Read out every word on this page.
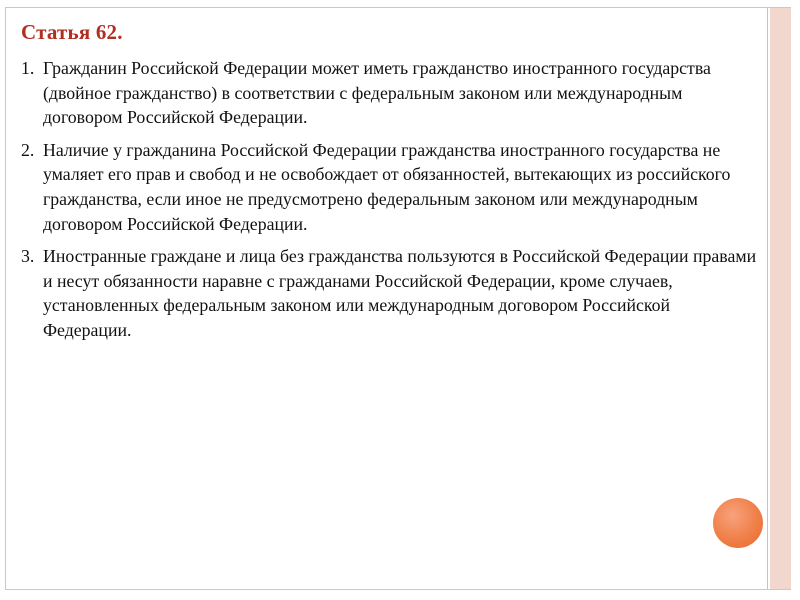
Статья 62.

1. Гражданин Российской Федерации может иметь гражданство иностранного государства (двойное гражданство) в соответствии с федеральным законом или международным договором Российской Федерации.

2. Наличие у гражданина Российской Федерации гражданства иностранного государства не умаляет его прав и свобод и не освобождает от обязанностей, вытекающих из российского гражданства, если иное не предусмотрено федеральным законом или международным договором Российской Федерации.

3. Иностранные граждане и лица без гражданства пользуются в Российской Федерации правами и несут обязанности наравне с гражданами Российской Федерации, кроме случаев, установленных федеральным законом или международным договором Российской Федерации.
